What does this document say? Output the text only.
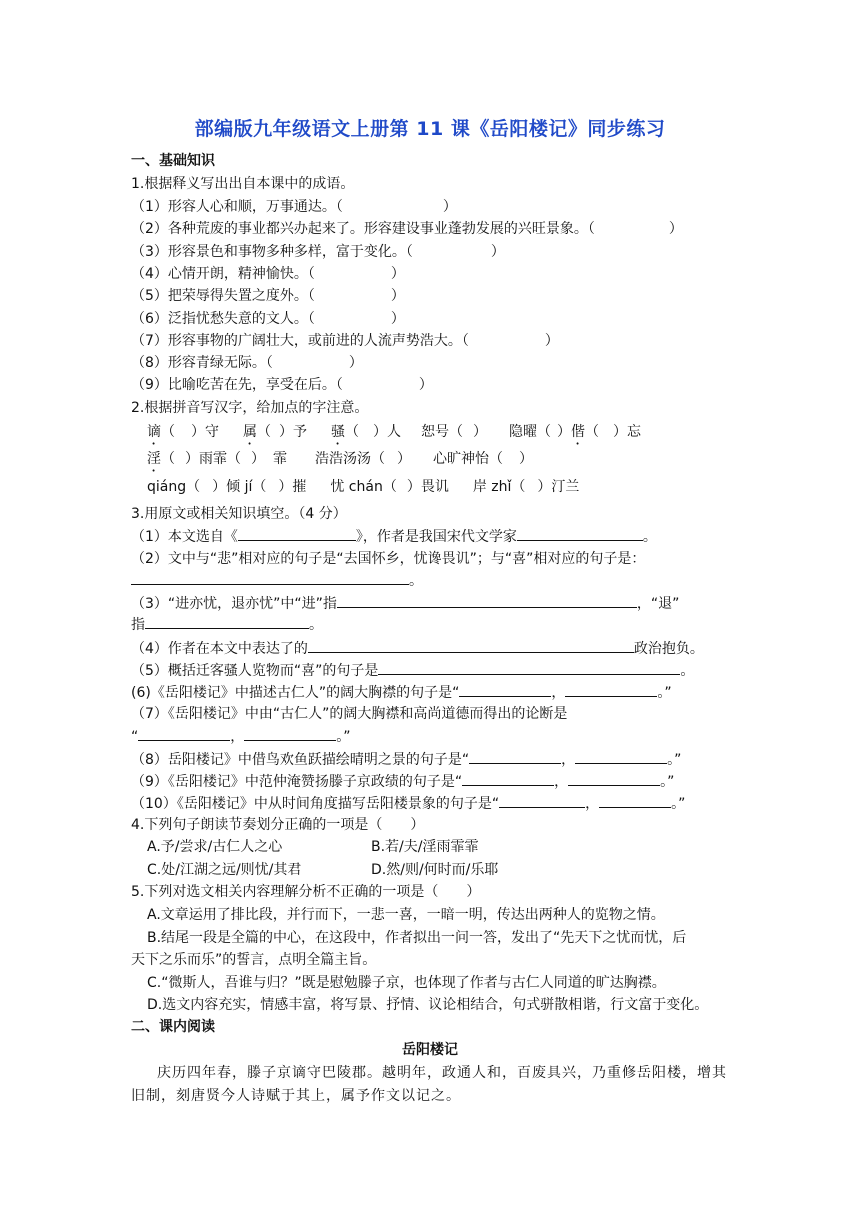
部编版九年级语文上册第 11 课《岳阳楼记》同步练习
一、基础知识
1.根据释义写出出自本课中的成语。
（1）形容人心和顺，万事通达。（	）
（2）各种荒废的事业都兴办起来了。形容建设事业蓬勃发展的兴旺景象。（	）
（3）形容景色和事物多种多样，富于变化。（	）
（4）心情开朗，精神愉快。（	）
（5）把荣辱得失置之度外。（	）
（6）泛指忧愁失意的文人。（	）
（7）形容事物的广阔壮大，或前进的人流声势浩大。（	）
（8）形容青绿无际。（	）
（9）比喻吃苦在先，享受在后。（	）
2.根据拼音写汉字，给加点的字注意。
谪（ ）守 属（ ）予 骚（ ）人 恕号（ ） 隐曜（ ）偕（ ）忘
淫（ ）雨霏（ ） 霏 浩浩汤汤（ ） 心旷神怡（ ）
qiáng（ ）倾 jí（ ）摧 忧 chán（ ）畏讥 岸 zhǐ（ ）汀兰
3.用原文或相关知识填空。（4 分）
（1）本文选自《	》，作者是我国宋代文学家	。
（2）文中与“悲”相对应的句子是“去国怀乡，忧谗畏讥”；与“喜”相对应的句子是：
。
（3）“进亦忧，退亦忧”中“进”指	，“退”
指	。
（4）作者在本文中表达了的	政治抱负。
（5）概括迁客骚人览物而“喜”的句子是	。
(6)《岳阳楼记》中描述古仁人”的阔大胸襟的句子是“	，	。”
（7）《岳阳楼记》中由“古仁人”的阔大胸襟和高尚道德而得出的论断是
“	，	。”
（8）岳阳楼记》中借鸟欢鱼跃描绘晴明之景的句子是“	，	。”
（9）《岳阳楼记》中范仲淹赞扬滕子京政绩的句子是“	，	。”
（10）《岳阳楼记》中从时间角度描写岳阳楼景象的句子是“	，	。”
4.下列句子朗读节奏划分正确的一项是（　　）
A.予/尝求/古仁人之心	B.若/夫/淫雨霏霏
C.处/江湖之远/则忧/其君	D.然/则/何时而/乐耶
5.下列对选文相关内容理解分析不正确的一项是（　　）
A.文章运用了排比段，并行而下，一悲一喜，一暗一明，传达出两种人的览物之情。
B.结尾一段是全篇的中心，在这段中，作者拟出一问一答，发出了“先天下之忧而忧，后
天下之乐而乐”的誓言，点明全篇主旨。
C.“微斯人，吾谁与归？”既是慰勉滕子京，也体现了作者与古仁人同道的旷达胸襟。
D.选文内容充实，情感丰富，将写景、抒情、议论相结合，句式骈散相谐，行文富于变化。
二、课内阅读
岳阳楼记
庆历四年春，滕子京谪守巴陵郡。越明年，政通人和，百废具兴，乃重修岳阳楼，增其
旧制，刻唐贤今人诗赋于其上，属予作文以记之。
